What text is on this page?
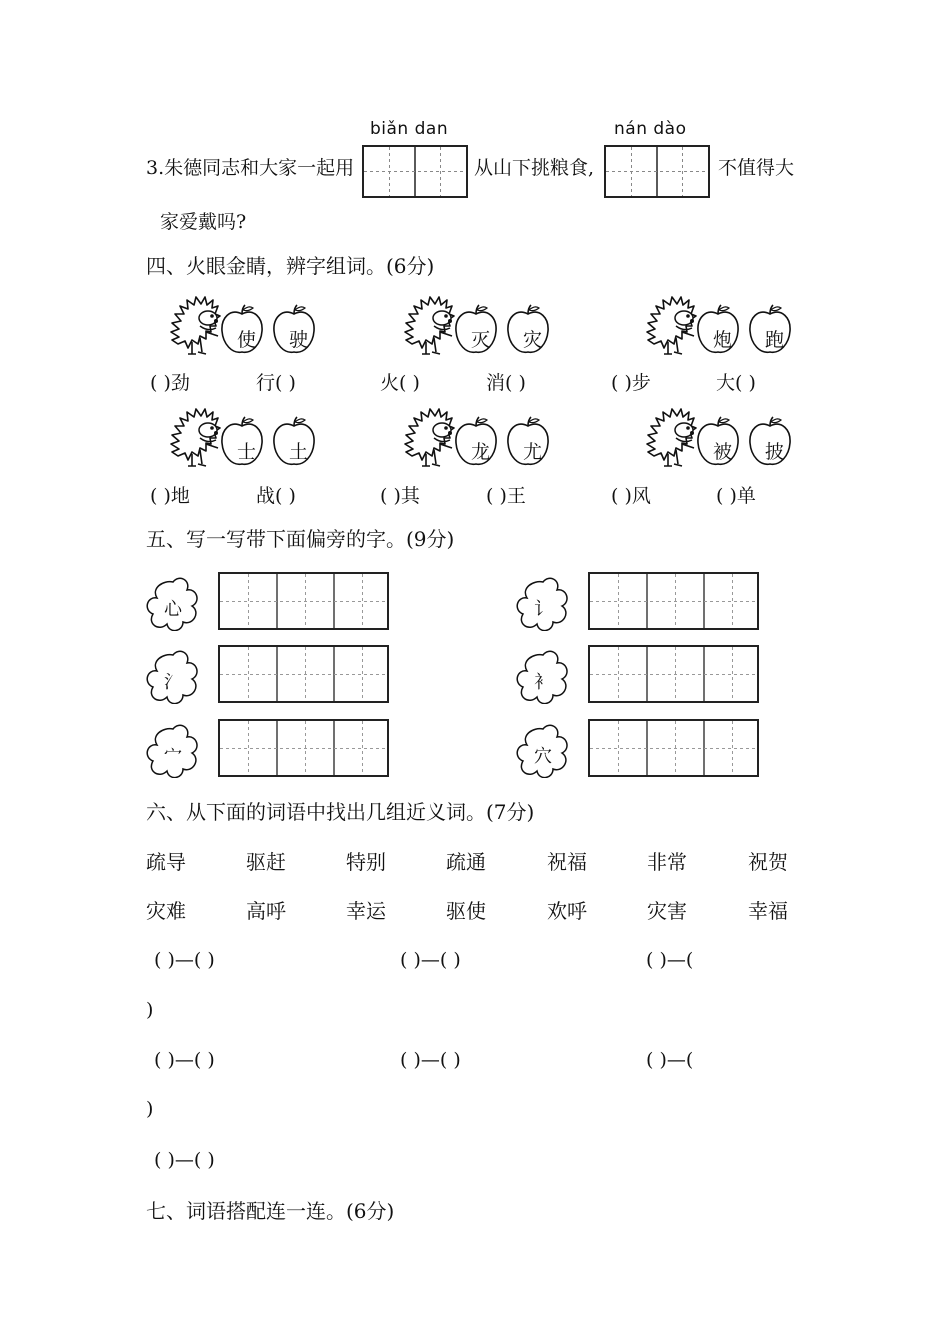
biǎn dan	nán dào
3.朱德同志和大家一起用	从山下挑粮食,	不值得大
家爱戴吗?
四、火眼金睛，辨字组词。(6分)
使 驶	灭 灾	炮 跑
( )劲	行( )	火( )	消( )	( )步	大( )
士 土	龙 尤	被 披
( )地	战( )	( )其	( )王	( )风	( )单
五、写一写带下面偏旁的字。(9分)
心
氵
宀
讠
衤
穴
六、从下面的词语中找出几组近义词。(7分)
疏导	驱赶	特别	疏通	祝福	非常	祝贺
灾难	高呼	幸运	驱使	欢呼	灾害	幸福
( )—( )	( )—( )	( )—(
)
( )—( )	( )—( )	( )—(
)
( )—( )
七、词语搭配连一连。(6分)
